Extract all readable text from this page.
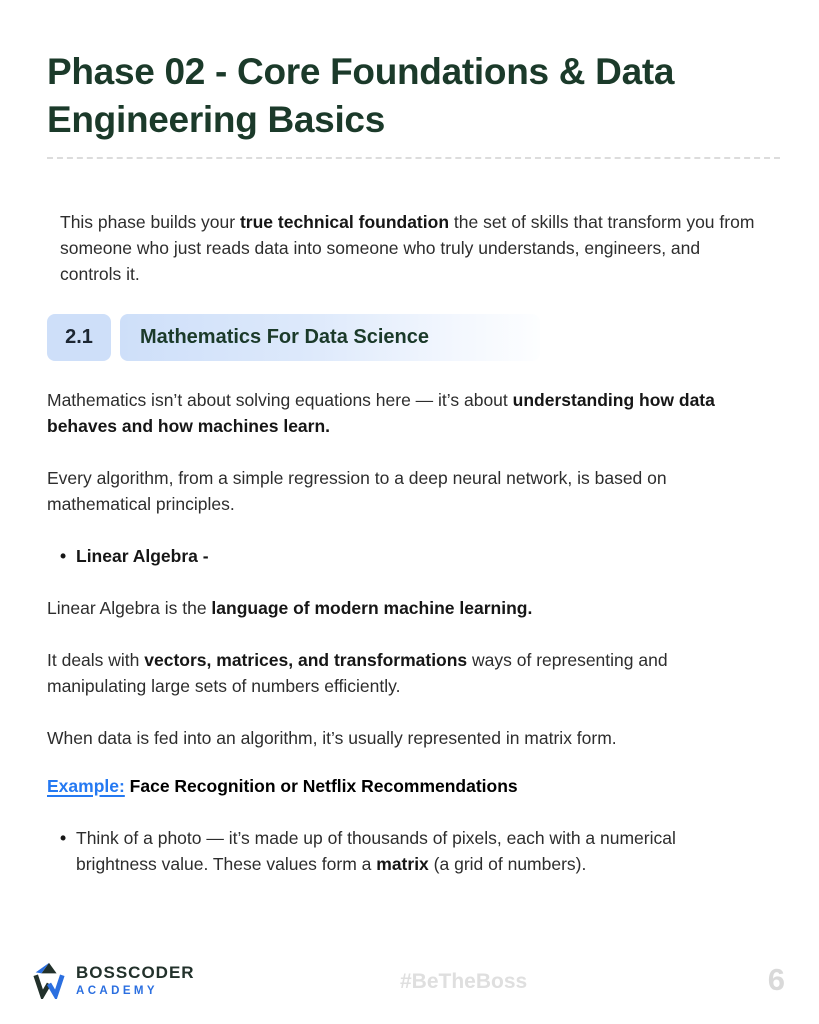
Phase 02 - Core Foundations & Data
Engineering Basics

This phase builds your true technical foundation the set of skills that transform you from someone who just reads data into someone who truly understands, engineers, and controls it.

2.1	Mathematics For Data Science

Mathematics isn’t about solving equations here — it’s about understanding how data behaves and how machines learn.

Every algorithm, from a simple regression to a deep neural network, is based on mathematical principles.

•
Linear Algebra -

Linear Algebra is the language of modern machine learning.

It deals with vectors, matrices, and transformations ways of representing and manipulating large sets of numbers efficiently.

When data is fed into an algorithm, it’s usually represented in matrix form.

Example: Face Recognition or Netflix Recommendations

•
Think of a photo — it’s made up of thousands of pixels, each with a numerical brightness value. These values form a matrix (a grid of numbers).
BOSSCODER
ACADEMY	#BeTheBoss	6
